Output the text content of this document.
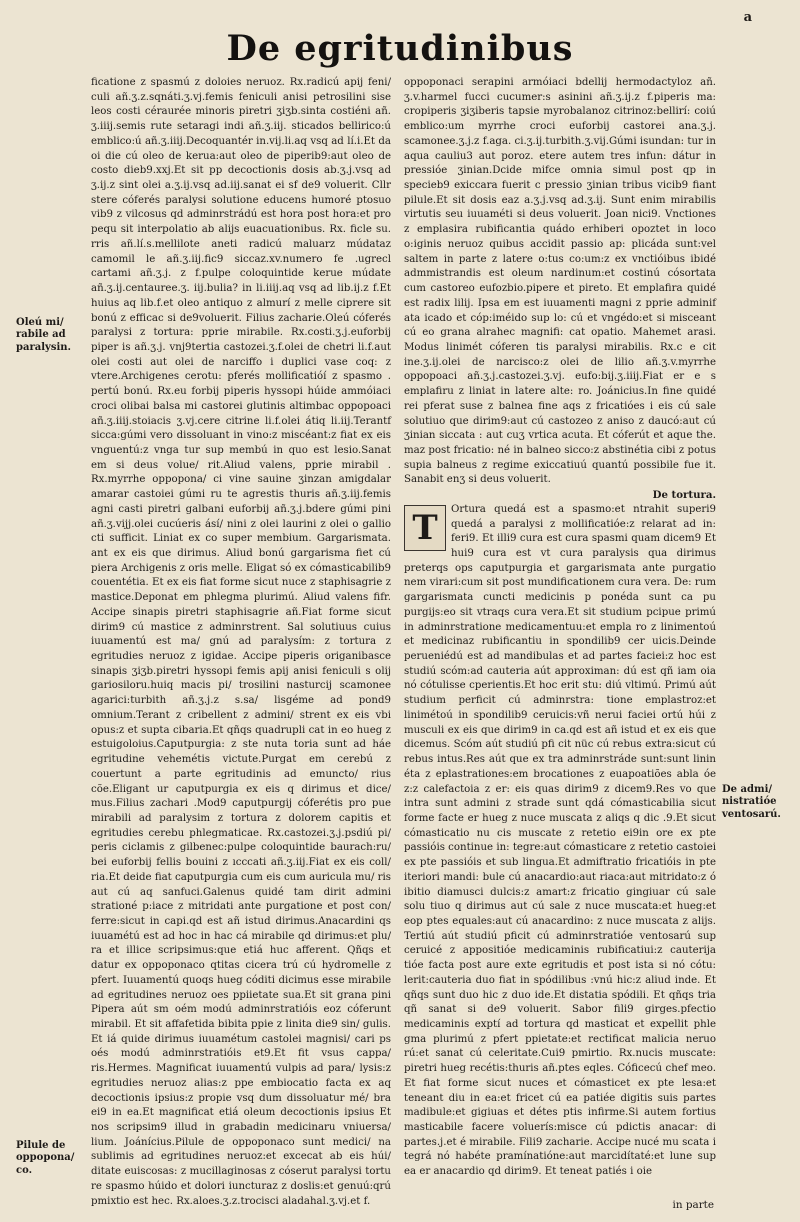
De egritudinibus
a

ficatione z spasmú z doloies neruoz. Rx.radicú apij feni/ culi añ.ʒ.z.sqnáti.ʒ.vj.femis feniculi anisi petrosilini sise leos costi céraurée minoris piretri ʒiʒb.sinta costiéni añ. ʒ.iiij.semis rute setaragi indi añ.ʒ.iij. sticados bellirico:ú emblico:ú añ.ʒ.iiij.Decoquantér in.vij.li.aq vsq ad lí.i.Et da oi die cú oleo de kerua:aut oleo de piperib9:aut oleo de costo dieb9.xxj.Et sit pp decoctionis dosis ab.ʒ.j.vsq ad ʒ.ij.z sint olei a.ʒ.ij.vsq ad.iij.sanat ei sf de9 voluerit. Cllr stere cóferés paralysi solutione educens humoré ptosuo vib9 z vilcosus qd adminrstrádú est hora post hora:et pro pequ sit interpolatio ab alijs euacuationibus. Rx. ficle su. rris añ.lí.s.mellilote aneti radicú maluarz múdataz camomil le añ.ʒ.iij.fic9 siccaz.xv.numero fe .ugrecl cartami añ.ʒ.j. z f.pulpe coloquintide kerue múdate añ.ʒ.ij.centauree.ʒ. iij.bulia? in li.iiij.aq vsq ad lib.ij.z f.Et huius aq lib.f.et oleo antiquo z almurí z melle ciprere sit bonú z efficac si de9voluerit. Filius zacharie.Oleú cóferés paralysi z tortura: pprie mirabile. Rx.costi.ʒ.j.euforbij piper is añ.ʒ.j. vnj9tertia castozei.ʒ.f.olei de chetri li.f.aut olei costi aut olei de narciffo i duplici vase coq: z vtere.Archigenes cerotu: pferés mollificatióí z spasmo . pertú bonú. Rx.eu forbij piperis hyssopi húide ammóiaci croci olibai balsa mi castorei glutinis altimbac oppopoaci añ.ʒ.iiij.stoiacis ʒ.vj.cere citrine li.f.olei átiq li.iij.Terantf sicca:gúmi vero dissoluant in vino:z miscéant:z fiat ex eis vnguentú:z vnga tur sup membú in quo est lesio.Sanat em si deus volue/ rit.Aliud valens, pprie mirabil . Rx.myrrhe oppopona/ ci vine sauine ʒinzan amigdalar amarar castoiei gúmi ru te agrestis thuris añ.ʒ.iij.femis agni casti piretri galbani euforbij añ.ʒ.j.bdere gúmi pini añ.ʒ.vijj.olei cucúeris ásí/ nini z olei laurini z olei o gallio cti sufficit. Liniat ex co super membium. Gargarismata. ant ex eis que dirimus. Aliud bonú gargarisma fiet cú piera Archigenis z oris melle. Eligat só ex cómasticabilib9 couentétia. Et ex eis fiat forme sicut nuce z staphisagrie z mastice.Deponat em phlegma plurimú. Aliud valens fifr. Accipe sinapis piretri staphisagrie añ.Fiat forme sicut dirim9 cú mastice z adminrstrent. Sal solutiuus cuius iuuamentú est ma/ gnú ad paralysím: z tortura z egritudies neruoz z igidae. Accipe piperis origanibasce sinapis ʒiʒb.piretri hyssopi femis apij anisi feniculi s olij gariosiloru.huiq macis pi/ trosilini nasturcij scamonee agarici:turbith añ.ʒ.j.z s.sa/ lisgéme ad pond9 omnium.Terant z cribellent z admini/ strent ex eis vbi opus:z et supta cibaria.Et qñqs quadrupli cat in eo hueg z estuigoloius.Caputpurgia: z ste nuta toria sunt ad háe egritudine vehemétis victute.Purgat em cerebú z couertunt a parte egritudinis ad emuncto/ rius cõe.Eligant ur caputpurgia ex eis q dirimus et dice/ mus.Filius zachari .Mod9 caputpurgij cóferétis pro pue mirabili ad paralysim z tortura z dolorem capitis et egritudies cerebu phlegmaticae. Rx.castozei.ʒ.j.psdiú pi/ peris ciclamis z gilbenec:pulpe coloquintide baurach:ru/ bei euforbij fellis bouini z ıcccati añ.ʒ.iij.Fiat ex eis coll/ ria.Et deide fiat caputpurgia cum eis cum auricula mu/ ris aut cú aq sanfuci.Galenus quidé tam dirit admini strationé p:iace z mitridati ante purgatione et post con/ ferre:sicut in capi.qd est añ istud dirimus.Anacardini qs iuuamétú est ad hoc in hac cá mirabile qd dirimus:et plu/ ra et illice scripsimus:que etiá huc afferent. Qñqs et datur ex oppoponaco qtitas cicera trú cú hydromelle z pfert. Iuuamentú quoqs hueg códiti dicimus esse mirabile ad egritudines neruoz oes ppiietate sua.Et sit grana pini Pipera aút sm oém modú adminrstratióis eoz cóferunt mirabil. Et sit affafetida bibita ppie z linita die9 sin/ gulis. Et iá quide dirimus iuuamétum castolei magnisi/ cari ps oés modú adminrstratióis et9.Et fit vsus cappa/ ris.Hermes. Magnificat iuuamentú vulpis ad para/ lysis:z egritudies neruoz alias:z ppe embiocatio facta ex aq decoctionis ipsius:z propie vsq dum dissoluatur mé/ bra ei9 in ea.Et magnificat etiá oleum decoctionis ipsius Et nos scripsim9 illud in grabadin medicinaru vniuersa/ lium. Joánícius.Pilule de oppoponaco sunt medici/ na sublimis ad egritudines neruoz:et excecat ab eis húi/ ditate euiscosas: z mucillaginosas z cóserut paralysi tortu re spasmo húido et dolori iuncturaz z doslis:et genuú:qrú pmixtio est hec. Rx.aloes.ʒ.z.trocisci aladahal.ʒ.vj.et f.

oppoponaci serapini armóiaci bdellij hermodactyloz añ. ʒ.v.harmel fucci cucumer:s asinini añ.ʒ.ij.z f.piperis ma: cropiperis ʒiʒiberis tapsie myrobalanoz citrinoz:bellirí: coiú emblico:um myrrhe croci euforbij castorei ana.ʒ.j. scamonee.ʒ.j.z f.aga. ci.ʒ.ij.turbith.ʒ.vij.Gúmi isundan: tur in aqua cauliu3 aut poroz. etere autem tres infun: dátur in pressióe ʒinian.Dcide mifce omnia simul post qp in specieb9 exiccara fuerit c pressio ʒinian tribus vicib9 fiant pilule.Et sit dosis eaz a.ʒ.j.vsq ad.ʒ.ij. Sunt enim mirabilis virtutis seu iuuaméti si deus voluerit. Joan nici9. Vnctiones z emplasira rubificantia quádo erhiberi opoztet in loco o:iginis neruoz quibus accidit passio ap: plicáda sunt:vel saltem in parte z latere o:tus co:um:z ex vnctióibus ibidé admmistrandis est oleum nardinum:et costinú cósortata cum castoreo eufozbio.pipere et pireto. Et emplafira quidé est radix lilij. Ipsa em est iuuamenti magni z pprie adminif ata icado et cóp:iméido sup lo: cú et vngédo:et si misceant cú eo grana alrahec magnifi: cat opatio. Mahemet arasi. Modus linimét cóferen tis paralysi mirabilis. Rx.c e cit ine.ʒ.ij.olei de narcisco:z olei de lilio añ.ʒ.v.myrrhe oppopoaci añ.ʒ.j.castozei.ʒ.vj. eufo:bij.ʒ.iiij.Fiat er e s emplafiru z liniat in latere alte: ro. Joánicius.In fine quidé rei pferat suse z balnea fine aqs z fricatióes i eis cú sale solutiuo que dirim9:aut cú castozeo z aniso z daucó:aut cú ʒinian siccata : aut cuʒ vrtica acuta. Et cóferút et aque the. maz post fricatio: né in balneo sicco:z abstinétia cibi z potus supia balneus z regime exiccatiuú quantú possibile fue it. Sanabit enʒ si deus voluerit.

De tortura.

T	Ortura quedá est a spasmo:et ntrahit superi9 quedá a paralysi z mollificatióe:z relarat ad in: feri9. Et illi9 cura est cura spasmi quam dicem9 Et hui9 cura est vt cura paralysis qua dirimus preterqs ops caputpurgia et gargarismata ante purgatio nem virari:cum sit post mundificationem cura vera. De: rum gargarismata cuncti medicinis p ponéda sunt ca pu purgijs:eo sit vtraqs cura vera.Et sit studium pcipue primú in adminrstratione medicamentuu:et empla ro z linimentoú et medicinaz rubificantiu in spondilib9 cer uicis.Deinde perueniédú est ad mandibulas et ad partes faciei:z hoc est studiú scóm:ad cauteria aút approximan: dú est qñ iam oia nó cótulisse cperientis.Et hoc erit stu: diú vltimú. Primú aút studium perficit cú adminrstra: tione emplastroz:et linimétoú in spondilib9 ceruicis:vñ nerui faciei ortú húi z musculi ex eis que dirim9 in ca.qd est añ istud et ex eis que dicemus. Scóm aút studiú pfi cit nüc cú rebus extra:sicut cú rebus intus.Res aút que ex tra adminrstráde sunt:sunt linin éta z eplastrationes:em brocationes z euapoatiões abla óe z:z calefactoia z er: eis quas dirim9 z dicem9.Res vo que intra sunt admini z strade sunt qdá cómasticabilia sicut forme facte er hueg z nuce muscata z aliqs q dic .9.Et sicut cómasticatio nu cis muscate z retetio ei9in ore ex pte passióis continue in: tegre:aut cómasticare z retetio castoiei ex pte passióis et sub lingua.Et admiftratio fricatióis in pte iteriori mandi: bule cú anacardio:aut riaca:aut mitridato:z ó ibitio diamusci dulcis:z amart:z fricatio gingiuar cú sale solu tiuo q dirimus aut cú sale z nuce muscata:et hueg:et eop ptes equales:aut cú anacardino: z nuce muscata z alijs. Tertiú aút studiú pficit cú adminrstratióe ventosarú sup ceruicé z appositióe medicaminis rubificatiui:z cauterija tióe facta post aure exte egritudis et post ista si nó cótu: lerit:cauteria duo fiat in spódilibus :vnú hic:z aliud inde. Et qñqs sunt duo hic z duo ide.Et distatia spódili. Et qñqs tria qñ sanat si de9 voluerit. Sabor fili9 girges.pfectio medicaminis exptí ad tortura qd masticat et expellit phle gma plurimú z pfert ppietate:et rectificat malicia neruo rú:et sanat cú celeritate.Cui9 pmirtio. Rx.nucis muscate: piretri hueg recétis:thuris añ.ptes eqles. Cóficecú chef meo. Et fiat forme sicut nuces et cómasticet ex pte lesa:et teneant diu in ea:et fricet cú ea patiée digitis suis partes madibule:et gigiuas et détes ptis infirme.Si autem fortius masticabile facere voluerís:misce cú pdictis anacar: di partes.j.et é mirabile. Fili9 zacharie. Accipe nucé mu scata i tegrá nó habéte pramínatióne:aut marcidítaté:et lune sup ea er anacardio qd dirim9. Et teneat patiés i oie

Oleú mi/ rabile ad paralysin.
Pilule de oppopona/ co.
De admi/ nistratióe ventosarú.
in parte
